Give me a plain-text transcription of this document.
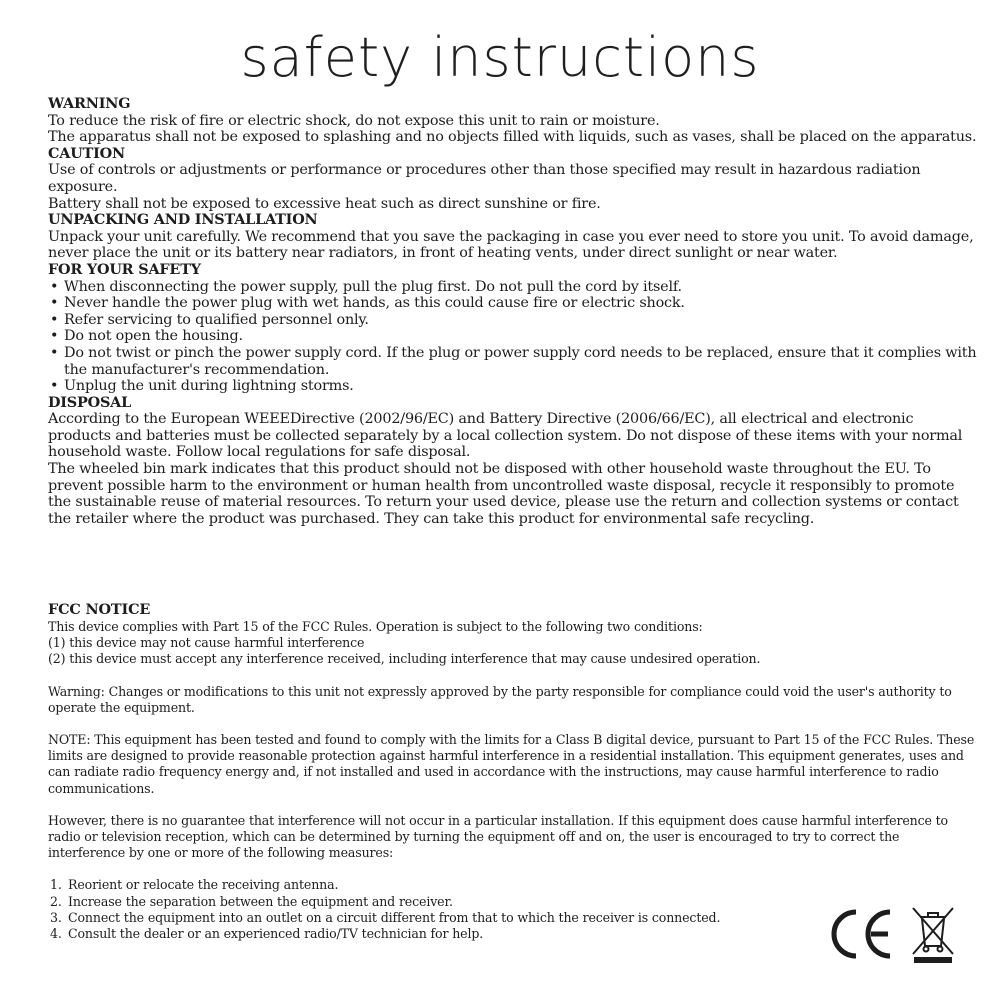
safety instructions
WARNING

To reduce the risk of fire or electric shock, do not expose this unit to rain or moisture.

The apparatus shall not be exposed to splashing and no objects filled with liquids, such as vases, shall be placed on the apparatus.

CAUTION

Use of controls or adjustments or performance or procedures other than those specified may result in hazardous radiation exposure.

Battery shall not be exposed to excessive heat such as direct sunshine or fire.

UNPACKING AND INSTALLATION

Unpack your unit carefully. We recommend that you save the packaging in case you ever need to store you unit. To avoid damage, never place the unit or its battery near radiators, in front of heating vents, under direct sunlight or near water.

FOR YOUR SAFETY
• When disconnecting the power supply, pull the plug first. Do not pull the cord by itself.
• Never handle the power plug with wet hands, as this could cause fire or electric shock.
• Refer servicing to qualified personnel only.
• Do not open the housing.
• Do not twist or pinch the power supply cord. If the plug or power supply cord needs to be replaced, ensure that it complies with the manufacturer's recommendation.
• Unplug the unit during lightning storms.
DISPOSAL

According to the European WEEEDirective (2002/96/EC) and Battery Directive (2006/66/EC), all electrical and electronic products and batteries must be collected separately by a local collection system. Do not dispose of these items with your normal household waste. Follow local regulations for safe disposal.

The wheeled bin mark indicates that this product should not be disposed with other household waste throughout the EU. To prevent possible harm to the environment or human health from uncontrolled waste disposal, recycle it responsibly to promote the sustainable reuse of material resources. To return your used device, please use the return and collection systems or contact the retailer where the product was purchased. They can take this product for environmental safe recycling.

FCC NOTICE

This device complies with Part 15 of the FCC Rules. Operation is subject to the following two conditions:

(1) this device may not cause harmful interference

(2) this device must accept any interference received, including interference that may cause undesired operation.

Warning: Changes or modifications to this unit not expressly approved by the party responsible for compliance could void the user's authority to operate the equipment.

NOTE: This equipment has been tested and found to comply with the limits for a Class B digital device, pursuant to Part 15 of the FCC Rules. These limits are designed to provide reasonable protection against harmful interference in a residential installation. This equipment generates, uses and can radiate radio frequency energy and, if not installed and used in accordance with the instructions, may cause harmful interference to radio communications.

However, there is no guarantee that interference will not occur in a particular installation. If this equipment does cause harmful interference to radio or television reception, which can be determined by turning the equipment off and on, the user is encouraged to try to correct the interference by one or more of the following measures:

1. Reorient or relocate the receiving antenna.
2. Increase the separation between the equipment and receiver.
3. Connect the equipment into an outlet on a circuit different from that to which the receiver is connected.
4. Consult the dealer or an experienced radio/TV technician for help.
